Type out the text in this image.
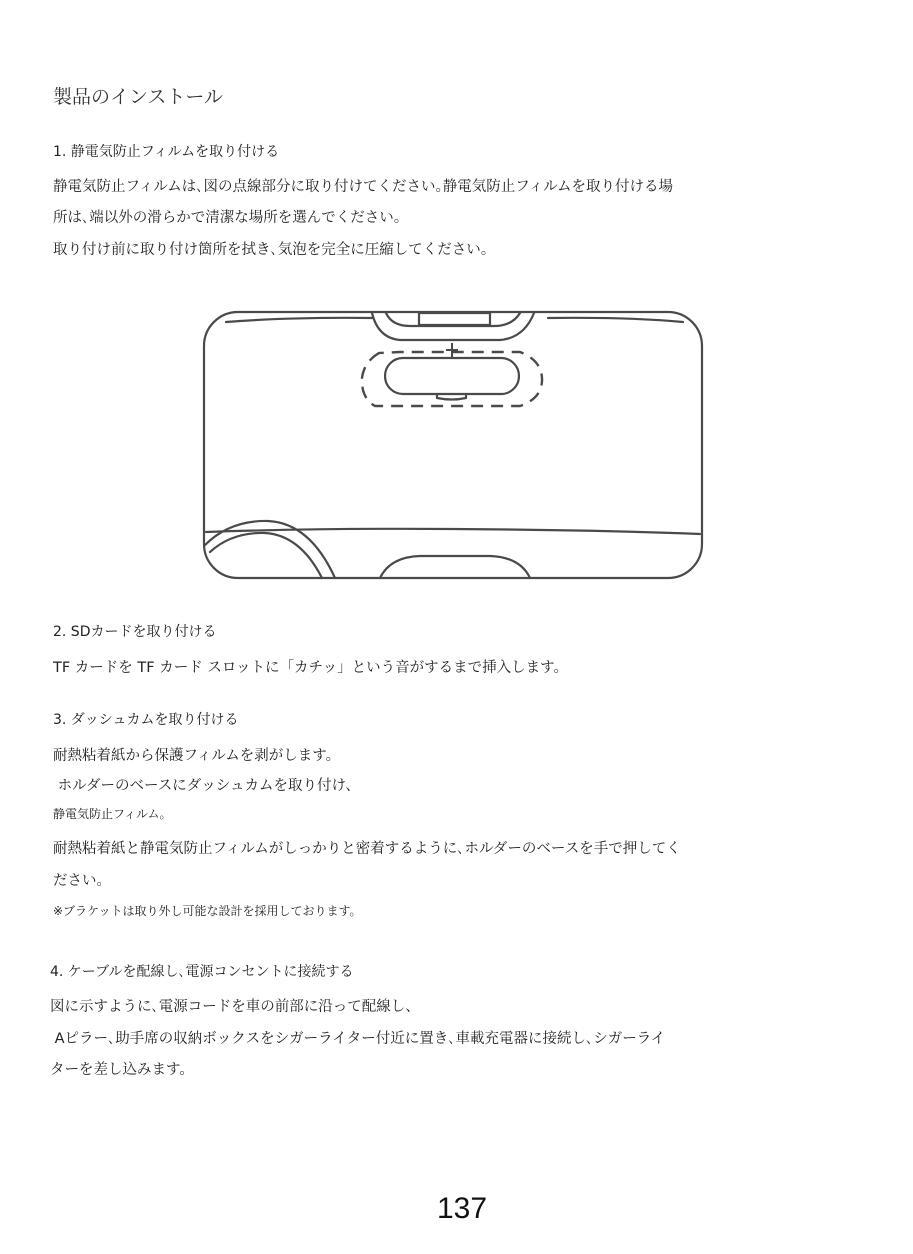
製品のインストール
1. 静電気防止フィルムを取り付ける
静電気防止フィルムは､図の点線部分に取り付けてください｡静電気防止フィルムを取り付ける場
所は､端以外の滑らかで清潔な場所を選んでください。
取り付け前に取り付け箇所を拭き､気泡を完全に圧縮してください。
2. SDカードを取り付ける
TF カードを TF カード スロットに「カチッ」という音がするまで挿入します。
3. ダッシュカムを取り付ける
耐熱粘着紙から保護フィルムを剥がします。
ホルダーのベースにダッシュカムを取り付け、
静電気防止フィルム｡
耐熱粘着紙と静電気防止フィルムがしっかりと密着するように､ホルダーのベースを手で押してく
ださい。
※ブラケットは取り外し可能な設計を採用しております。
4. ケーブルを配線し､電源コンセントに接続する
図に示すように､電源コードを車の前部に沿って配線し、
Aピラー､助手席の収納ボックスをシガーライター付近に置き､車載充電器に接続し､シガーライ
ターを差し込みます。
137
